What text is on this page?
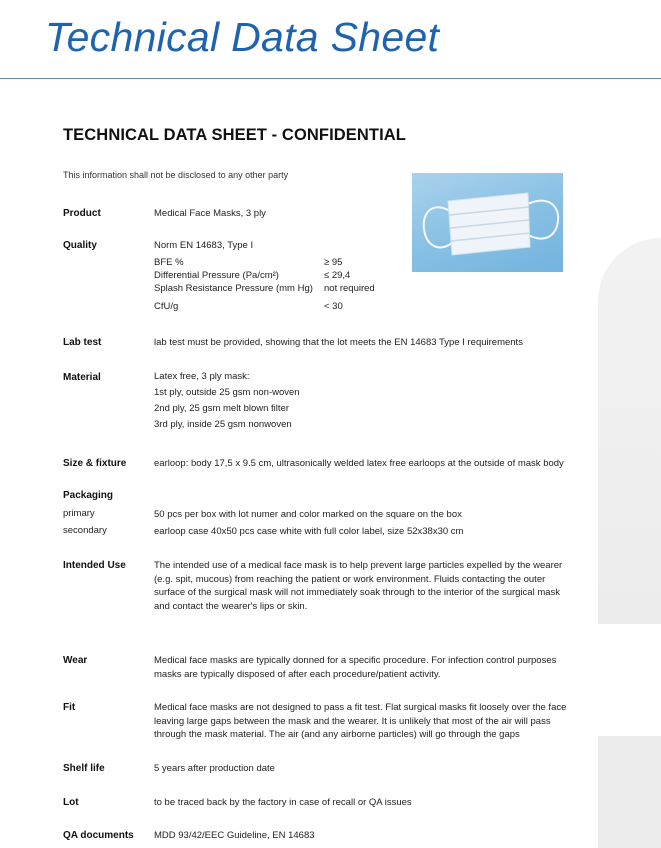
Technical Data Sheet
TECHNICAL DATA SHEET - CONFIDENTIAL
This information shall not be disclosed to any other party
Product	Medical Face Masks, 3 ply
Quality	Norm EN 14683, Type I
BFE %	≥ 95
Differential Pressure (Pa/cm²)	≤ 29,4
Splash Resistance Pressure (mm Hg) not required
CfU/g	< 30
Lab test	lab test must be provided, showing that the lot meets the EN 14683 Type I requirements
Material	Latex free, 3 ply mask:
1st ply, outside 25 gsm non-woven
2nd ply, 25 gsm melt blown filter
3rd ply, inside 25 gsm nonwoven
Size & fixture	earloop: body 17,5 x 9.5 cm, ultrasonically welded latex free earloops at the outside of mask body
Packaging
primary	50 pcs per box with lot numer and color marked on the square on the box
secondary	earloop case 40x50 pcs case white with full color label, size 52x38x30 cm
Intended Use	The intended use of a medical face mask is to help prevent large particles expelled by the wearer
(e.g. spit, mucous) from reaching the patient or work environment. Fluids contacting the outer
surface of the surgical mask will not immediately soak through to the interior of the surgical mask
and contact the wearer's lips or skin.
Wear	Medical face masks are typically donned for a specific procedure. For infection control purposes
masks are typically disposed of after each procedure/patient activity.
Fit	Medical face masks are not designed to pass a fit test. Flat surgical masks fit loosely over the face
leaving large gaps between the mask and the wearer. It is unlikely that most of the air will pass
through the mask material. The air (and any airborne particles) will go through the gaps
Shelf life	5 years after production date
Lot	to be traced back by the factory in case of recall or QA issues
QA documents MDD 93/42/EEC Guideline, EN 14683
